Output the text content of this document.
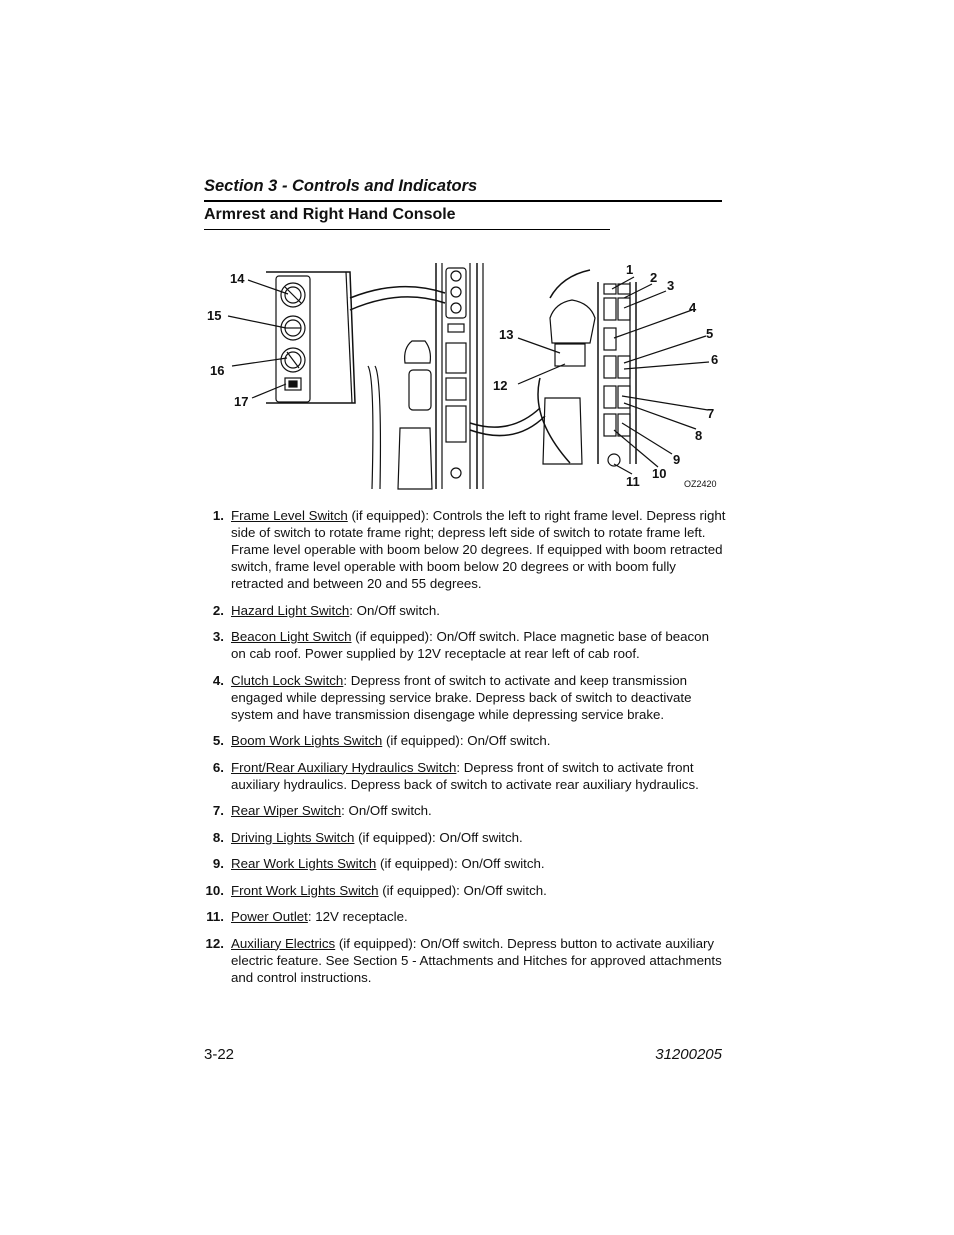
Section 3 - Controls and Indicators
Armrest and Right Hand Console
1
2
3
4
5
6
7
8
9
10
11
12
13
14
15
16
17
OZ2420
1. Frame Level Switch (if equipped): Controls the left to right frame level. Depress right side of switch to rotate frame right; depress left side of switch to rotate frame left. Frame level operable with boom below 20 degrees. If equipped with boom retracted switch, frame level operable with boom below 20 degrees or with boom fully retracted and between 20 and 55 degrees.
2. Hazard Light Switch: On/Off switch.
3. Beacon Light Switch (if equipped): On/Off switch. Place magnetic base of beacon on cab roof. Power supplied by 12V receptacle at rear left of cab roof.
4. Clutch Lock Switch: Depress front of switch to activate and keep transmission engaged while depressing service brake. Depress back of switch to deactivate system and have transmission disengage while depressing service brake.
5. Boom Work Lights Switch (if equipped): On/Off switch.
6. Front/Rear Auxiliary Hydraulics Switch: Depress front of switch to activate front auxiliary hydraulics. Depress back of switch to activate rear auxiliary hydraulics.
7. Rear Wiper Switch: On/Off switch.
8. Driving Lights Switch (if equipped): On/Off switch.
9. Rear Work Lights Switch (if equipped): On/Off switch.
10. Front Work Lights Switch (if equipped): On/Off switch.
11. Power Outlet: 12V receptacle.
12. Auxiliary Electrics (if equipped): On/Off switch. Depress button to activate auxiliary electric feature. See Section 5 - Attachments and Hitches for approved attachments and control instructions.
3-22	31200205
